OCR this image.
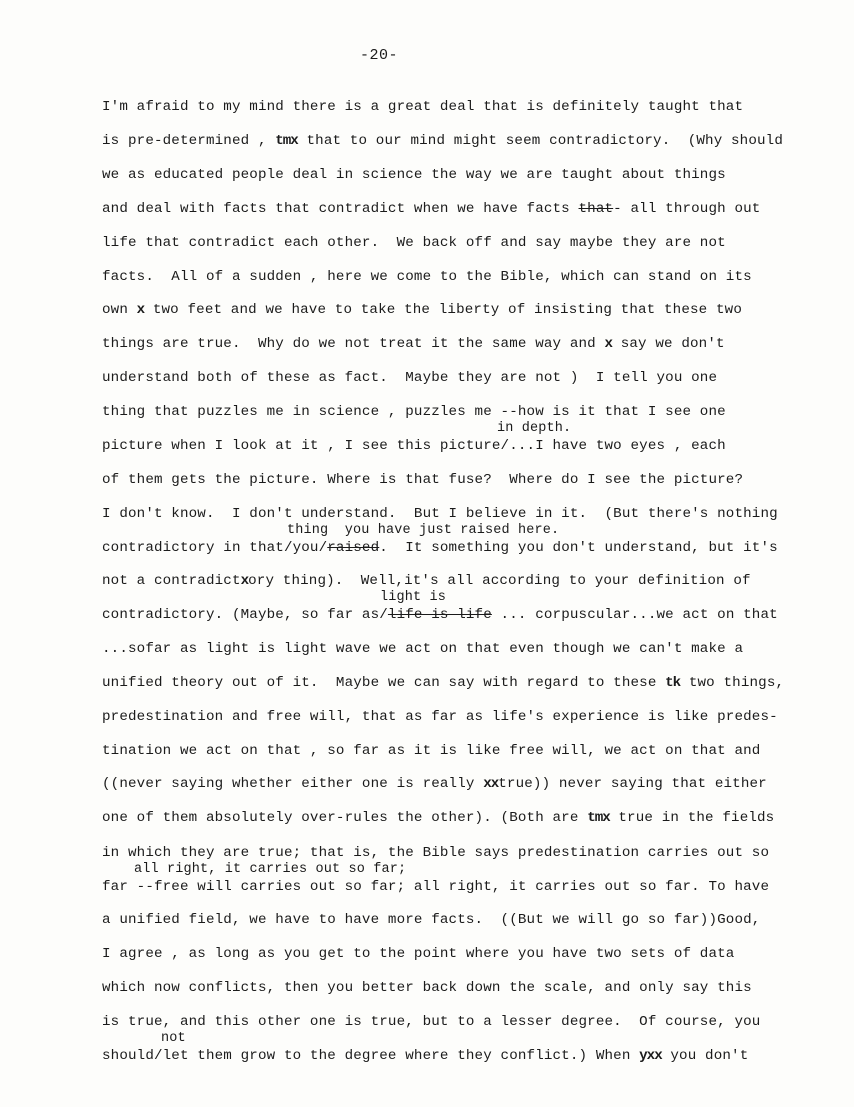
-20-
I'm afraid to my mind there is a great deal that is definitely taught that
is pre-determined , tmx that to our mind might seem contradictory.  (Why should
we as educated people deal in science the way we are taught about things
and deal with facts that contradict when we have facts that- all through out
life that contradict each other.  We back off and say maybe they are not
facts.  All of a sudden , here we come to the Bible, which can stand on its
own x two feet and we have to take the liberty of insisting that these two
things are true.  Why do we not treat it the same way and x say we don't
understand both of these as fact.  Maybe they are not )  I tell you one
thing that puzzles me in science , puzzles me --how is it that I see one
in depth.
picture when I look at it , I see this picture/...I have two eyes , each
of them gets the picture. Where is that fuse?  Where do I see the picture?
I don't know.  I don't understand.  But I believe in it.  (But there's nothing
thing  you have just raised here.
contradictory in that/you/raised.  It something you don't understand, but it's
not a contradictxory thing).  Well,it's all according to your definition of
light is
contradictory. (Maybe, so far as/life is life ... corpuscular...we act on that
...sofar as light is light wave we act on that even though we can't make a
unified theory out of it.  Maybe we can say with regard to these tk two things,
predestination and free will, that as far as life's experience is like predes-
tination we act on that , so far as it is like free will, we act on that and
((never saying whether either one is really xxtrue)) never saying that either
one of them absolutely over-rules the other). (Both are tmx true in the fields
in which they are true; that is, the Bible says predestination carries out so
all right, it carries out so far;
far --free will carries out so far; all right, it carries out so far. To have
a unified field, we have to have more facts.  ((But we will go so far))Good,
I agree , as long as you get to the point where you have two sets of data
which now conflicts, then you better back down the scale, and only say this
is true, and this other one is true, but to a lesser degree.  Of course, you
not
should/let them grow to the degree where they conflict.) When yxx you don't
